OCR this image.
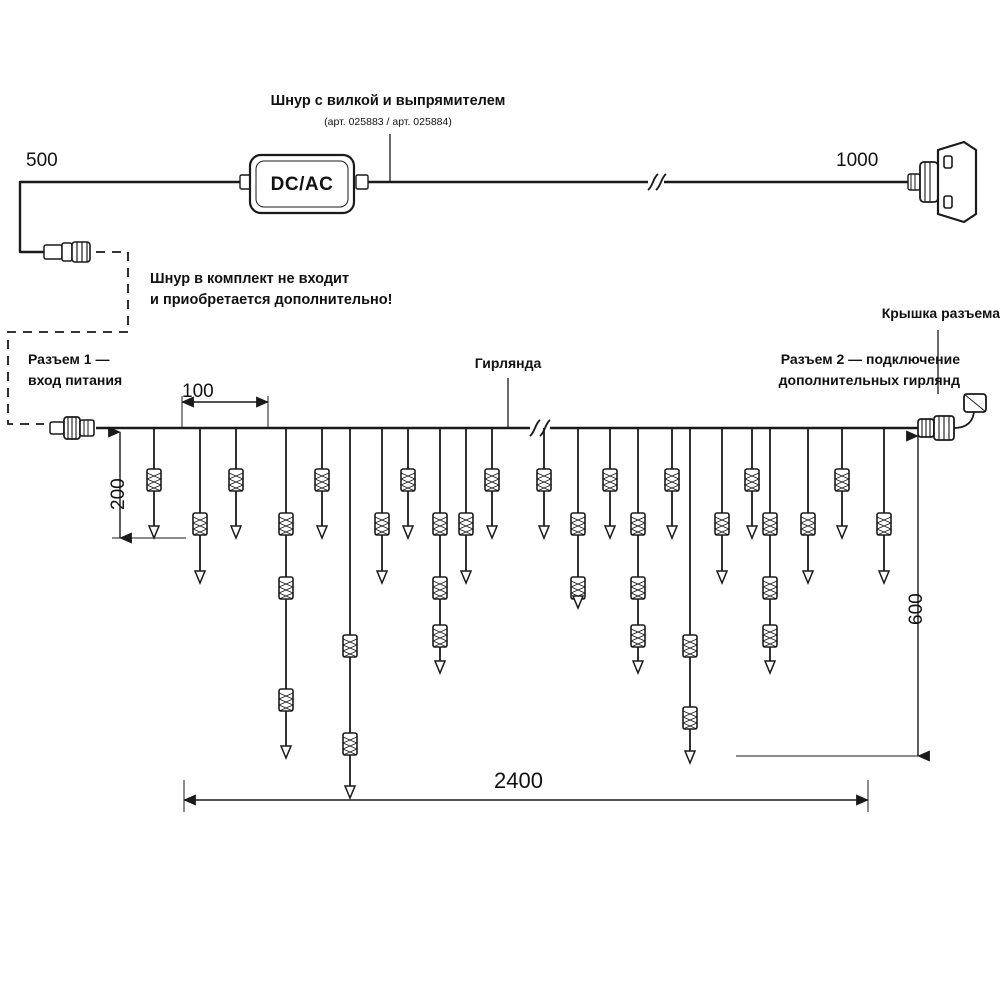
500	1000
Шнур с вилкой и выпрямителем
(арт. 025883 / арт. 025884)
DC/AC
Шнур в комплект не входит
и приобретается дополнительно!
Разъем 1 —
вход питания
Гирлянда	Разъем 2 — подключение
дополнительных гирлянд
Крышка разъема
100
200
600
2400
